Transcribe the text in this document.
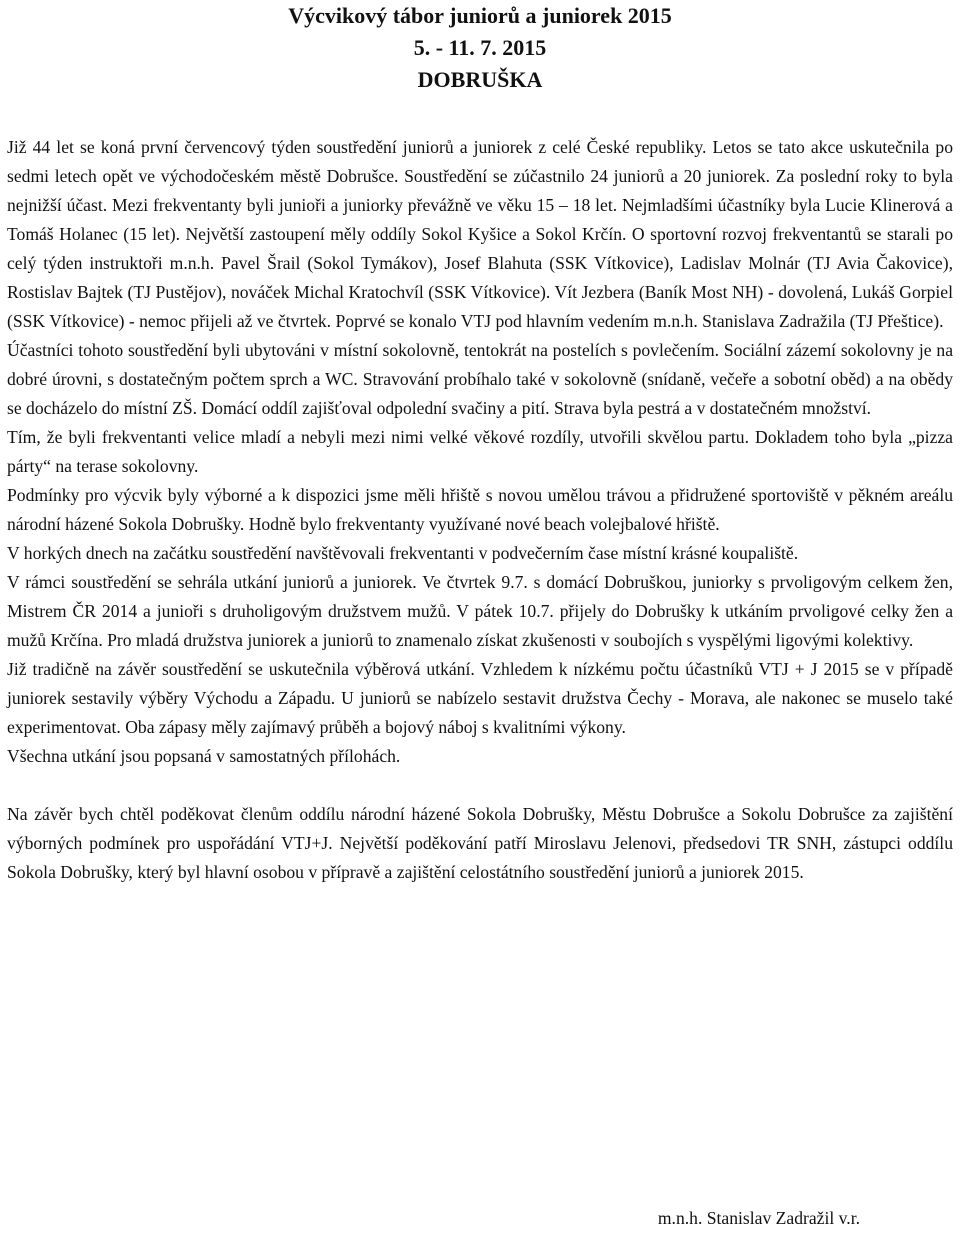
Výcvikový tábor juniorů a juniorek 2015
5. - 11. 7. 2015
DOBRUŠKA

Již 44 let se koná první červencový týden soustředění juniorů a juniorek z celé České republiky. Letos se tato akce uskutečnila po sedmi letech opět ve východočeském městě Dobrušce. Soustředění se zúčastnilo 24 juniorů a 20 juniorek. Za poslední roky to byla nejnižší účast. Mezi frekventanty byli junioři a juniorky převážně ve věku 15 – 18 let. Nejmladšími účastníky byla Lucie Klinerová a Tomáš Holanec (15 let). Největší zastoupení měly oddíly Sokol Kyšice a Sokol Krčín. O sportovní rozvoj frekventantů se starali po celý týden instruktoři m.n.h. Pavel Šrail (Sokol Tymákov), Josef Blahuta (SSK Vítkovice), Ladislav Molnár (TJ Avia Čakovice), Rostislav Bajtek (TJ Pustějov), nováček Michal Kratochvíl (SSK Vítkovice). Vít Jezbera (Baník Most NH) - dovolená, Lukáš Gorpiel (SSK Vítkovice) - nemoc přijeli až ve čtvrtek. Poprvé se konalo VTJ pod hlavním vedením m.n.h. Stanislava Zadražila (TJ Přeštice).

Účastníci tohoto soustředění byli ubytováni v místní sokolovně, tentokrát na postelích s povlečením. Sociální zázemí sokolovny je na dobré úrovni, s dostatečným počtem sprch a WC. Stravování probíhalo také v sokolovně (snídaně, večeře a sobotní oběd) a na obědy se docházelo do místní ZŠ. Domácí oddíl zajišťoval odpolední svačiny a pití. Strava byla pestrá a v dostatečném množství.

Tím, že byli frekventanti velice mladí a nebyli mezi nimi velké věkové rozdíly, utvořili skvělou partu. Dokladem toho byla „pizza párty“ na terase sokolovny.

Podmínky pro výcvik byly výborné a k dispozici jsme měli hřiště s novou umělou trávou a přidružené sportoviště v pěkném areálu národní házené Sokola Dobrušky. Hodně bylo frekventanty využívané nové beach volejbalové hřiště.

V horkých dnech na začátku soustředění navštěvovali frekventanti v podvečerním čase místní krásné koupaliště.

V rámci soustředění se sehrála utkání juniorů a juniorek. Ve čtvrtek 9.7. s domácí Dobruškou, juniorky s prvoligovým celkem žen, Mistrem ČR 2014 a junioři s druholigovým družstvem mužů. V pátek 10.7. přijely do Dobrušky k utkáním prvoligové celky žen a mužů Krčína. Pro mladá družstva juniorek a juniorů to znamenalo získat zkušenosti v soubojích s vyspělými ligovými kolektivy.

Již tradičně na závěr soustředění se uskutečnila výběrová utkání. Vzhledem k nízkému počtu účastníků VTJ + J 2015 se v případě juniorek sestavily výběry Východu a Západu. U juniorů se nabízelo sestavit družstva Čechy - Morava, ale nakonec se muselo také experimentovat. Oba zápasy měly zajímavý průběh a bojový náboj s kvalitními výkony.

Všechna utkání jsou popsaná v samostatných přílohách.

Na závěr bych chtěl poděkovat členům oddílu národní házené Sokola Dobrušky, Městu Dobrušce a Sokolu Dobrušce za zajištění výborných podmínek pro uspořádání VTJ+J. Největší poděkování patří Miroslavu Jelenovi, předsedovi TR SNH, zástupci oddílu Sokola Dobrušky, který byl hlavní osobou v přípravě a zajištění celostátního soustředění juniorů a juniorek 2015.

m.n.h. Stanislav Zadražil v.r.
